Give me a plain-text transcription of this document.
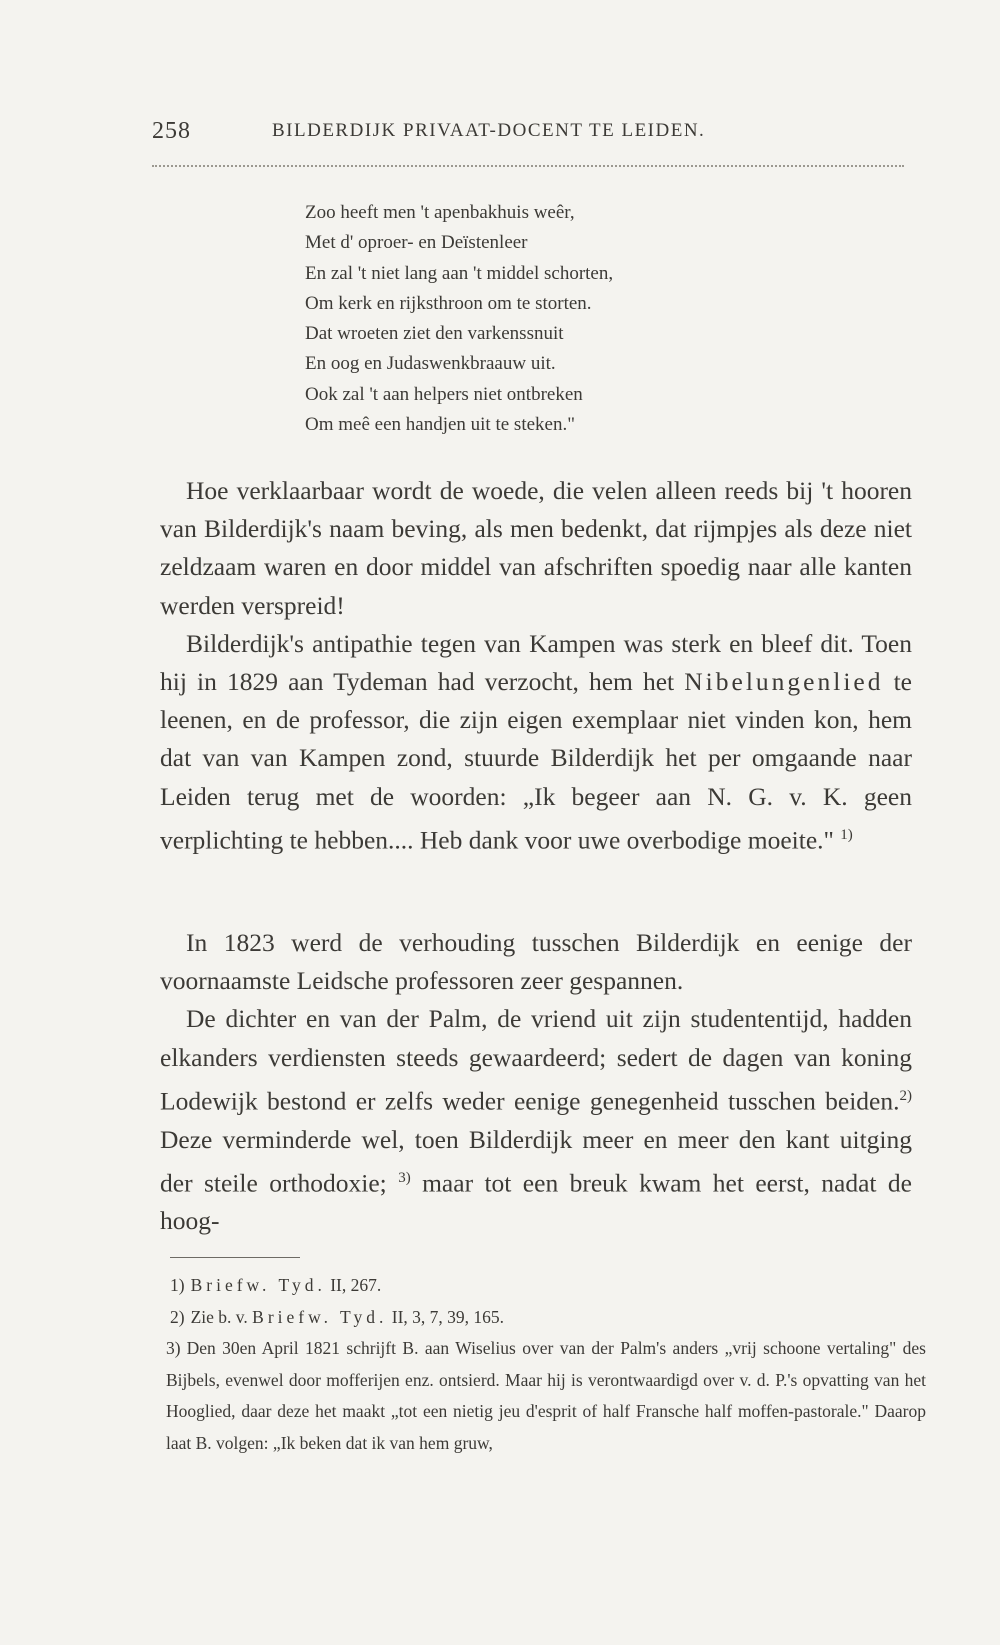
258	BILDERDIJK PRIVAAT-DOCENT TE LEIDEN.
Zoo heeft men 't apenbakhuis weêr,
Met d' oproer- en Deïstenleer
En zal 't niet lang aan 't middel schorten,
Om kerk en rijksthroon om te storten.
Dat wroeten ziet den varkenssnuit
En oog en Judaswenkbraauw uit.
Ook zal 't aan helpers niet ontbreken
Om meê een handjen uit te steken."

Hoe verklaarbaar wordt de woede, die velen alleen reeds bij 't hooren van Bilderdijk's naam beving, als men bedenkt, dat rijmpjes als deze niet zeldzaam waren en door middel van afschriften spoedig naar alle kanten werden verspreid!

Bilderdijk's antipathie tegen van Kampen was sterk en bleef dit. Toen hij in 1829 aan Tydeman had verzocht, hem het Nibelungenlied te leenen, en de professor, die zijn eigen exemplaar niet vinden kon, hem dat van van Kampen zond, stuurde Bilderdijk het per omgaande naar Leiden terug met de woorden: „Ik begeer aan N. G. v. K. geen verplichting te hebben.... Heb dank voor uwe overbodige moeite." $^{1)}$

In 1823 werd de verhouding tusschen Bilderdijk en eenige der voornaamste Leidsche professoren zeer gespannen.

De dichter en van der Palm, de vriend uit zijn studententijd, hadden elkanders verdiensten steeds gewaardeerd; sedert de dagen van koning Lodewijk bestond er zelfs weder eenige genegenheid tusschen beiden.$^{2)}$ Deze verminderde wel, toen Bilderdijk meer en meer den kant uitging der steile orthodoxie; $^{3)}$ maar tot een breuk kwam het eerst, nadat de hoog-

1) Briefw. Tyd. II, 267.
2) Zie b. v. Briefw. Tyd. II, 3, 7, 39, 165.
3) Den 30en April 1821 schrijft B. aan Wiselius over van der Palm's anders „vrij schoone vertaling" des Bijbels, evenwel door mofferijen enz. ontsierd. Maar hij is verontwaardigd over v. d. P.'s opvatting van het Hooglied, daar deze het maakt „tot een nietig jeu d'esprit of half Fransche half moffen-pastorale." Daarop laat B. volgen: „Ik beken dat ik van hem gruw,
